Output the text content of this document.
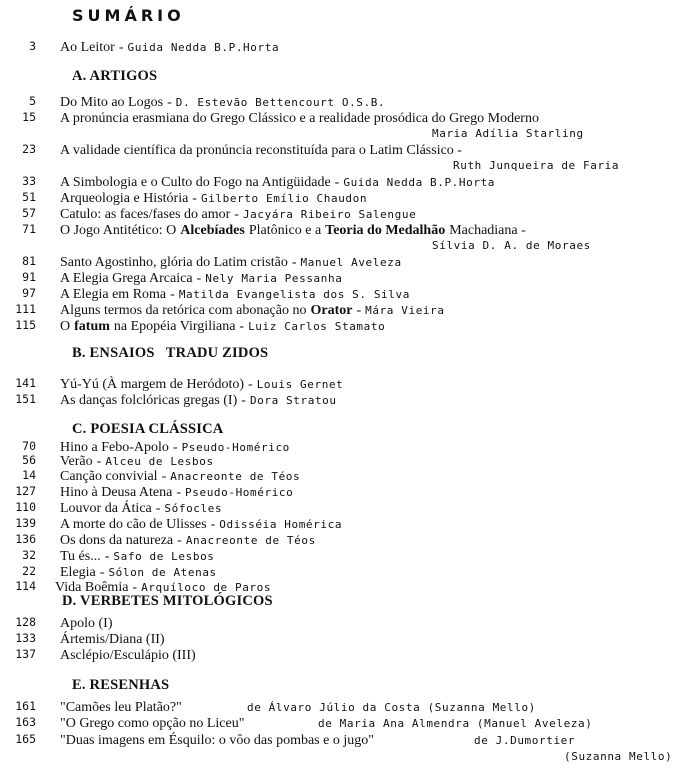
SUMÁRIO
3 Ao Leitor - Guida Nedda B.P.Horta
A. ARTIGOS
5 Do Mito ao Logos - D. Estevão Bettencourt O.S.B.
15 A pronúncia erasmiana do Grego Clássico e a realidade prosódica do Grego Moderno
Maria Adília Starling
23 A validade científica da pronúncia reconstituída para o Latim Clássico -
Ruth Junqueira de Faria
33 A Simbologia e o Culto do Fogo na Antigüidade - Guida Nedda B.P.Horta
51 Arqueologia e História - Gilberto Emílio Chaudon
57 Catulo: as faces/fases do amor - Jacyára Ribeiro Salengue
71 O Jogo Antitético: O Alcebíades Platônico e a Teoria do Medalhão Machadiana -
Sílvia D. A. de Moraes
81 Santo Agostinho, glória do Latim cristão - Manuel Aveleza
91 A Elegia Grega Arcaica - Nely Maria Pessanha
97 A Elegia em Roma - Matilda Evangelista dos S. Silva
111 Alguns termos da retórica com abonação no Orator - Mára Vieira
115 O fatum na Epopéia Virgiliana - Luiz Carlos Stamato
B. ENSAIOS   TRADU ZIDOS
141 Yú-Yú (À margem de Heródoto) - Louis Gernet
151 As danças folclóricas gregas (I) - Dora Stratou
C. POESIA CLÁSSICA
70 Hino a Febo-Apolo - Pseudo-Homérico
56 Verão - Alceu de Lesbos
14 Canção convivial - Anacreonte de Téos
127 Hino à Deusa Atena - Pseudo-Homérico
110 Louvor da Ática - Sófocles
139 A morte do cão de Ulisses - Odisséia Homérica
136 Os dons da natureza - Anacreonte de Téos
32 Tu és... - Safo de Lesbos
22 Elegia - Sólon de Atenas
114 Vida Boêmia - Arquíloco de Paros
D. VERBETES MITOLÓGICOS
128 Apolo (I)
133 Ártemis/Diana (II)
137 Asclépio/Esculápio (III)
E. RESENHAS
161 "Camões leu Platão?"	de Álvaro Júlio da Costa (Suzanna Mello)
163 "O Grego como opção no Liceu"	de Maria Ana Almendra (Manuel Aveleza)
165 "Duas imagens em Ésquilo: o vôo das pombas e o jugo"	de J.Dumortier
(Suzanna Mello)
